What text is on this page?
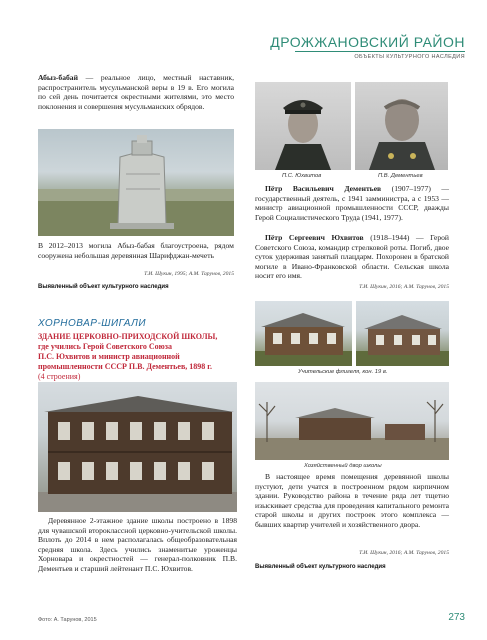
ДРОЖЖАНОВСКИЙ РАЙОН
ОБЪЕКТЫ КУЛЬТУРНОГО НАСЛЕДИЯ
Абыз-бабай — реальное лицо, местный наставник, распространитель мусульманской веры в 19 в. Его могила по сей день почитается окрестными жителями, это место поклонения и совершения мусульманских обрядов.
В 2012–2013 могила Абыз-бабая благоустроена, рядом сооружена небольшая деревянная Шарифджан-мечеть
Т.И. Шукин, 1995; А.М. Тарунов, 2015
Выявленный объект культурного наследия
П.С. Юхвитов	П.В. Дементьев
Пётр Васильевич Дементьев (1907–1977) — государственный деятель, с 1941 замминистра, а с 1953 — министр авиационной промышленности СССР, дважды Герой Социалистического Труда (1941, 1977).
Пётр Сергеевич Юхвитов (1918–1944) — Герой Советского Союза, командир стрелковой роты. Погиб, двое суток удерживая занятый плацдарм. Похоронен в братской могиле в Ивано-Франковской области. Сельская школа носит его имя.
Т.И. Шукин, 2016; А.М. Тарунов, 2015
ХОРНОВАР-ШИГАЛИ
ЗДАНИЕ ЦЕРКОВНО-ПРИХОДСКОЙ ШКОЛЫ,
где учились Герой Советского Союза
П.С. Юхвитов и министр авиационной
промышленности СССР П.В. Дементьев, 1898 г.
(4 строения)	Учительские флигеля, кон. 19 в.
Хозяйственный двор школы
Деревянное 2-этажное здание школы построено в 1898 для чувашской второклассной церковно-учительской школы. Вплоть до 2014 в нем располагалась общеобразовательная средняя школа. Здесь учились знаменитые уроженцы Хорновара и окрестностей — генерал-полковник П.В. Дементьев и старший лейтенант П.С. Юхвитов.
В настоящее время помещения деревянной школы пустуют, дети учатся в построенном рядом кирпичном здании. Руководство района в течение ряда лет тщетно изыскивает средства для проведения капитального ремонта старой школы и других построек этого комплекса — бывших квартир учителей и хозяйственного двора.
Т.И. Шукин, 2016; А.М. Тарунов, 2015
Выявленный объект культурного наследия
Фото: А. Тарунов, 2015	273
